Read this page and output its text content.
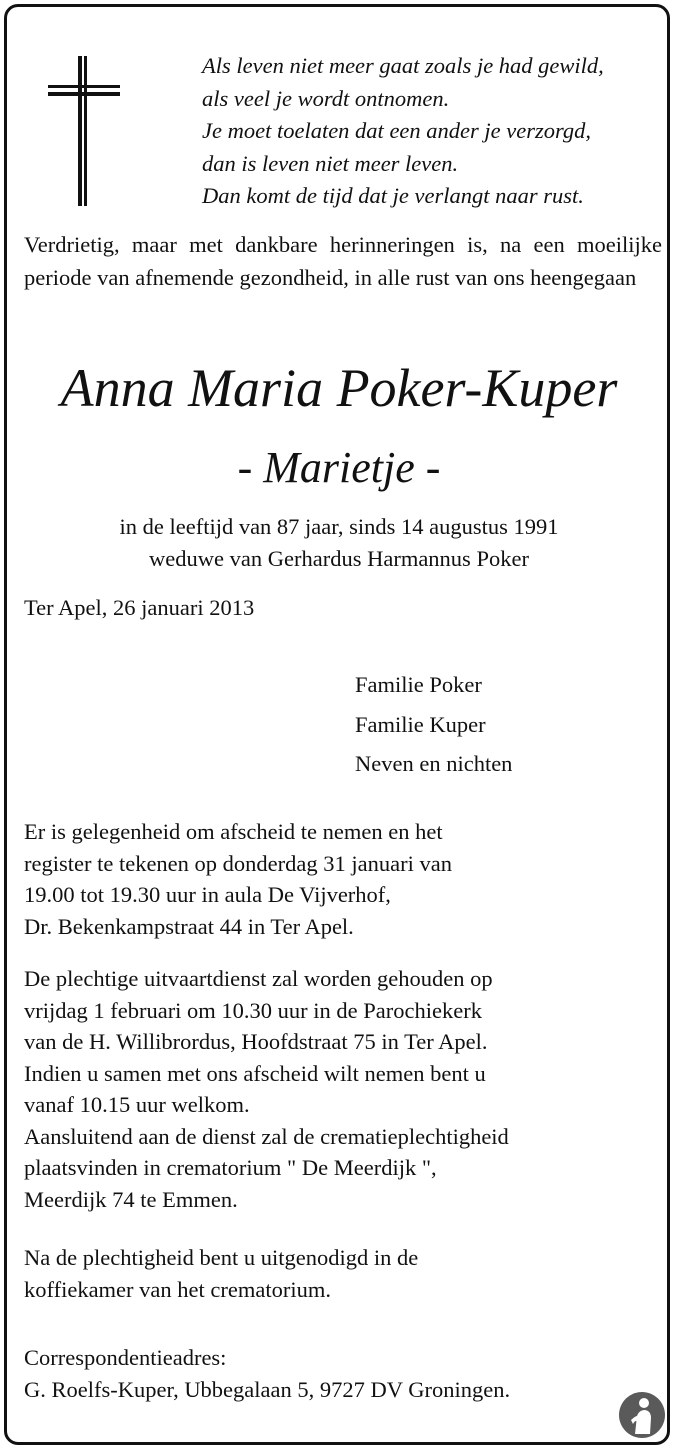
Als leven niet meer gaat zoals je had gewild,
als veel je wordt ontnomen.
Je moet toelaten dat een ander je verzorgd,
dan is leven niet meer leven.
Dan komt de tijd dat je verlangt naar rust.
Verdrietig, maar met dankbare herinneringen is, na een moeilijke periode van afnemende gezondheid, in alle rust van ons heengegaan
Anna Maria Poker-Kuper
- Marietje -
in de leeftijd van 87 jaar, sinds 14 augustus 1991
weduwe van Gerhardus Harmannus Poker
Ter Apel, 26 januari 2013
Familie Poker
Familie Kuper
Neven en nichten
Er is gelegenheid om afscheid te nemen en het
register te tekenen op donderdag 31 januari van
19.00 tot 19.30 uur in aula De Vijverhof,
Dr. Bekenkampstraat 44 in Ter Apel.
De plechtige uitvaartdienst zal worden gehouden op
vrijdag 1 februari om 10.30 uur in de Parochiekerk
van de H. Willibrordus, Hoofdstraat 75 in Ter Apel.
Indien u samen met ons afscheid wilt nemen bent u
vanaf 10.15 uur welkom.
Aansluitend aan de dienst zal de crematieplechtigheid
plaatsvinden in crematorium " De Meerdijk ",
Meerdijk 74 te Emmen.
Na de plechtigheid bent u uitgenodigd in de
koffiekamer van het crematorium.
Correspondentieadres:
G. Roelfs-Kuper, Ubbegalaan 5, 9727 DV Groningen.
